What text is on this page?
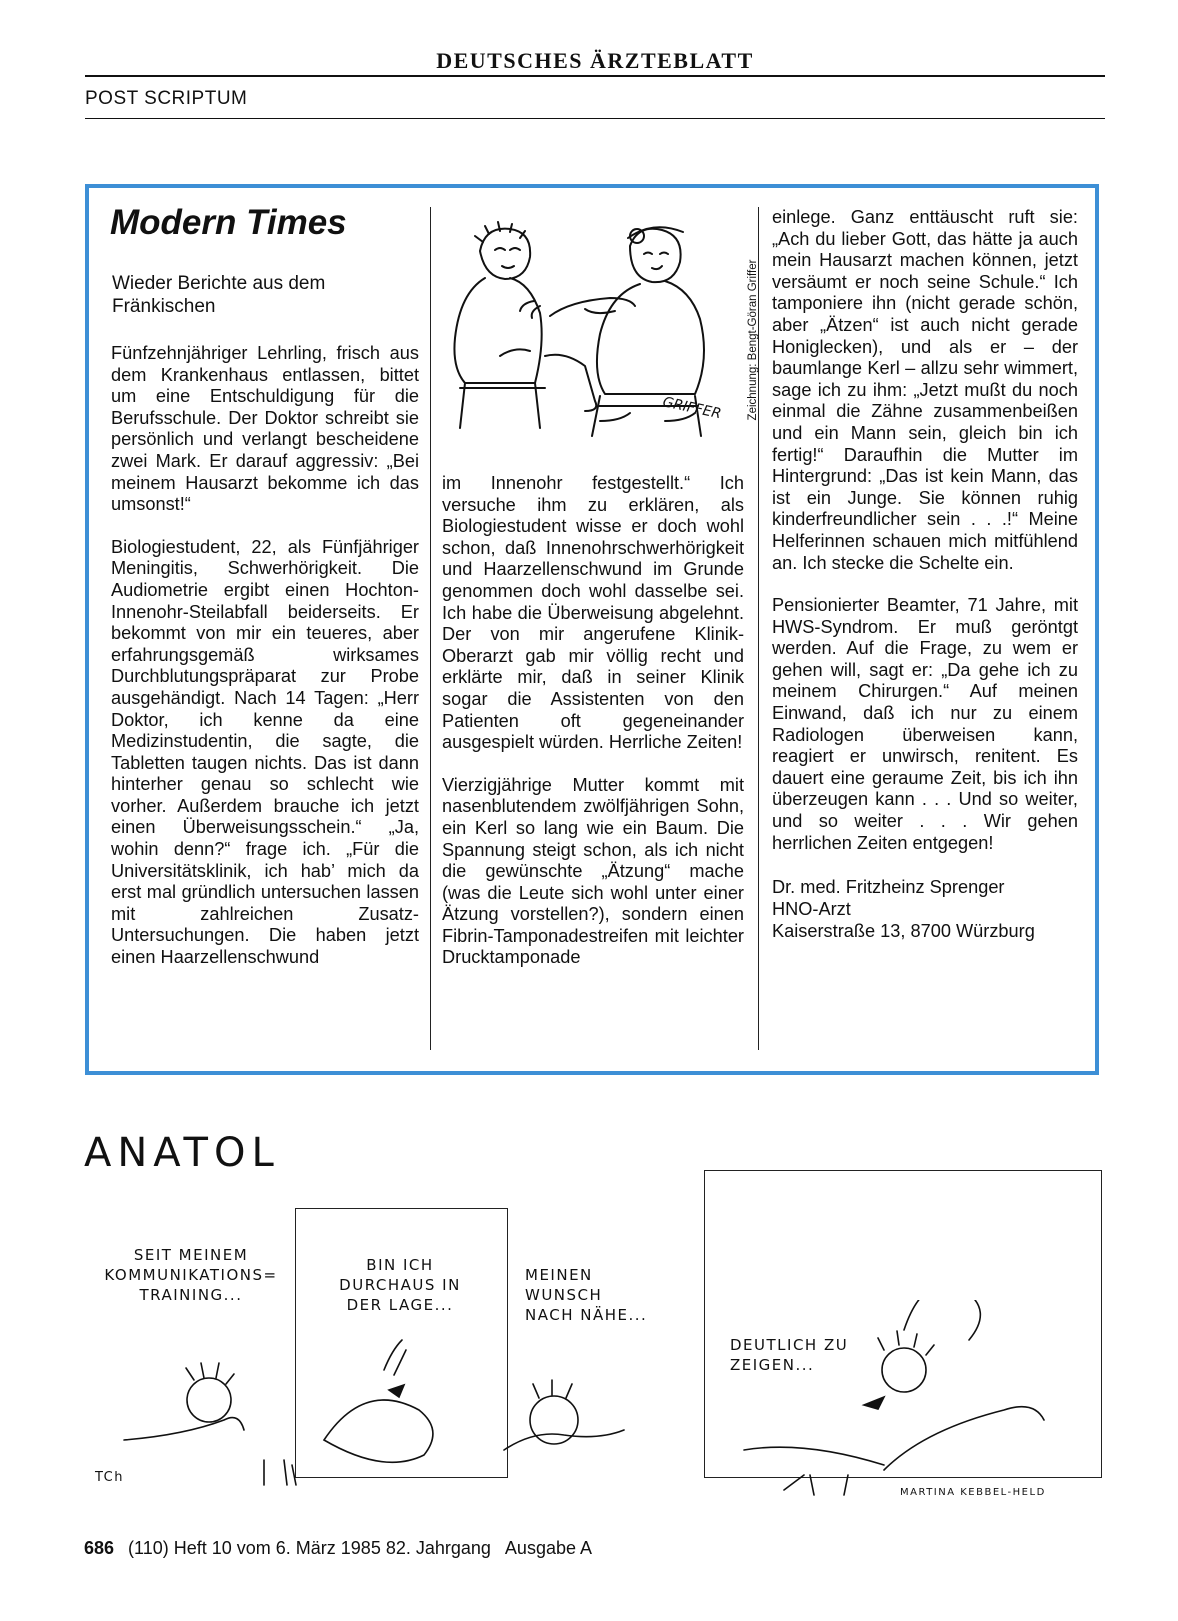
DEUTSCHES ÄRZTEBLATT
POST SCRIPTUM
Modern Times
Wieder Berichte aus dem Fränkischen

Fünfzehnjähriger Lehrling, frisch aus dem Krankenhaus entlassen, bittet um eine Entschuldigung für die Berufsschule. Der Doktor schreibt sie persönlich und verlangt bescheidene zwei Mark. Er darauf aggressiv: „Bei meinem Hausarzt bekomme ich das umsonst!“

Biologiestudent, 22, als Fünfjähriger Meningitis, Schwerhörigkeit. Die Audiometrie ergibt einen Hochton-Innenohr-Steilabfall beiderseits. Er bekommt von mir ein teueres, aber erfahrungsgemäß wirksames Durchblutungspräparat zur Probe ausgehändigt. Nach 14 Tagen: „Herr Doktor, ich kenne da eine Medizinstudentin, die sagte, die Tabletten taugen nichts. Das ist dann hinterher genau so schlecht wie vorher. Außerdem brauche ich jetzt einen Überweisungsschein.“ „Ja, wohin denn?“ frage ich. „Für die Universitätsklinik, ich hab’ mich da erst mal gründlich untersuchen lassen mit zahlreichen Zusatz-Untersuchungen. Die haben jetzt einen Haarzellenschwund

GRIFFER Zeichnung: Bengt-Göran Griffer

im Innenohr festgestellt.“ Ich versuche ihm zu erklären, als Biologiestudent wisse er doch wohl schon, daß Innenohrschwerhörigkeit und Haarzellenschwund im Grunde genommen doch wohl dasselbe sei. Ich habe die Überweisung abgelehnt. Der von mir angerufene Klinik-Oberarzt gab mir völlig recht und erklärte mir, daß in seiner Klinik sogar die Assistenten von den Patienten oft gegeneinander ausgespielt würden. Herrliche Zeiten!

Vierzigjährige Mutter kommt mit nasenblutendem zwölfjährigen Sohn, ein Kerl so lang wie ein Baum. Die Spannung steigt schon, als ich nicht die gewünschte „Ätzung“ mache (was die Leute sich wohl unter einer Ätzung vorstellen?), sondern einen Fibrin-Tamponadestreifen mit leichter Drucktamponade

einlege. Ganz enttäuscht ruft sie: „Ach du lieber Gott, das hätte ja auch mein Hausarzt machen können, jetzt versäumt er noch seine Schule.“ Ich tamponiere ihn (nicht gerade schön, aber „Ätzen“ ist auch nicht gerade Honiglecken), und als er – der baumlange Kerl – allzu sehr wimmert, sage ich zu ihm: „Jetzt mußt du noch einmal die Zähne zusammenbeißen und ein Mann sein, gleich bin ich fertig!“ Daraufhin die Mutter im Hintergrund: „Das ist kein Mann, das ist ein Junge. Sie können ruhig kinderfreundlicher sein . . .!“ Meine Helferinnen schauen mich mitfühlend an. Ich stecke die Schelte ein.

Pensionierter Beamter, 71 Jahre, mit HWS-Syndrom. Er muß geröntgt werden. Auf die Frage, zu wem er gehen will, sagt er: „Da gehe ich zu meinem Chirurgen.“ Auf meinen Einwand, daß ich nur zu einem Radiologen überweisen kann, reagiert er unwirsch, renitent. Es dauert eine geraume Zeit, bis ich ihn überzeugen kann . . . Und so weiter, und so weiter . . . Wir gehen herrlichen Zeiten entgegen!

Dr. med. Fritzheinz Sprenger
HNO-Arzt
Kaiserstraße 13, 8700 Würzburg
ANATOL
SEIT MEINEM KOMMUNIKATIONS= TRAINING...
BIN ICH DURCHAUS IN DER LAGE...
MEINEN WUNSCH NACH NÄHE...
DEUTLICH ZU ZEIGEN...
TCh
MARTINA KEBBEL-HELD
686 (110) Heft 10 vom 6. März 1985 82. Jahrgang   Ausgabe A
